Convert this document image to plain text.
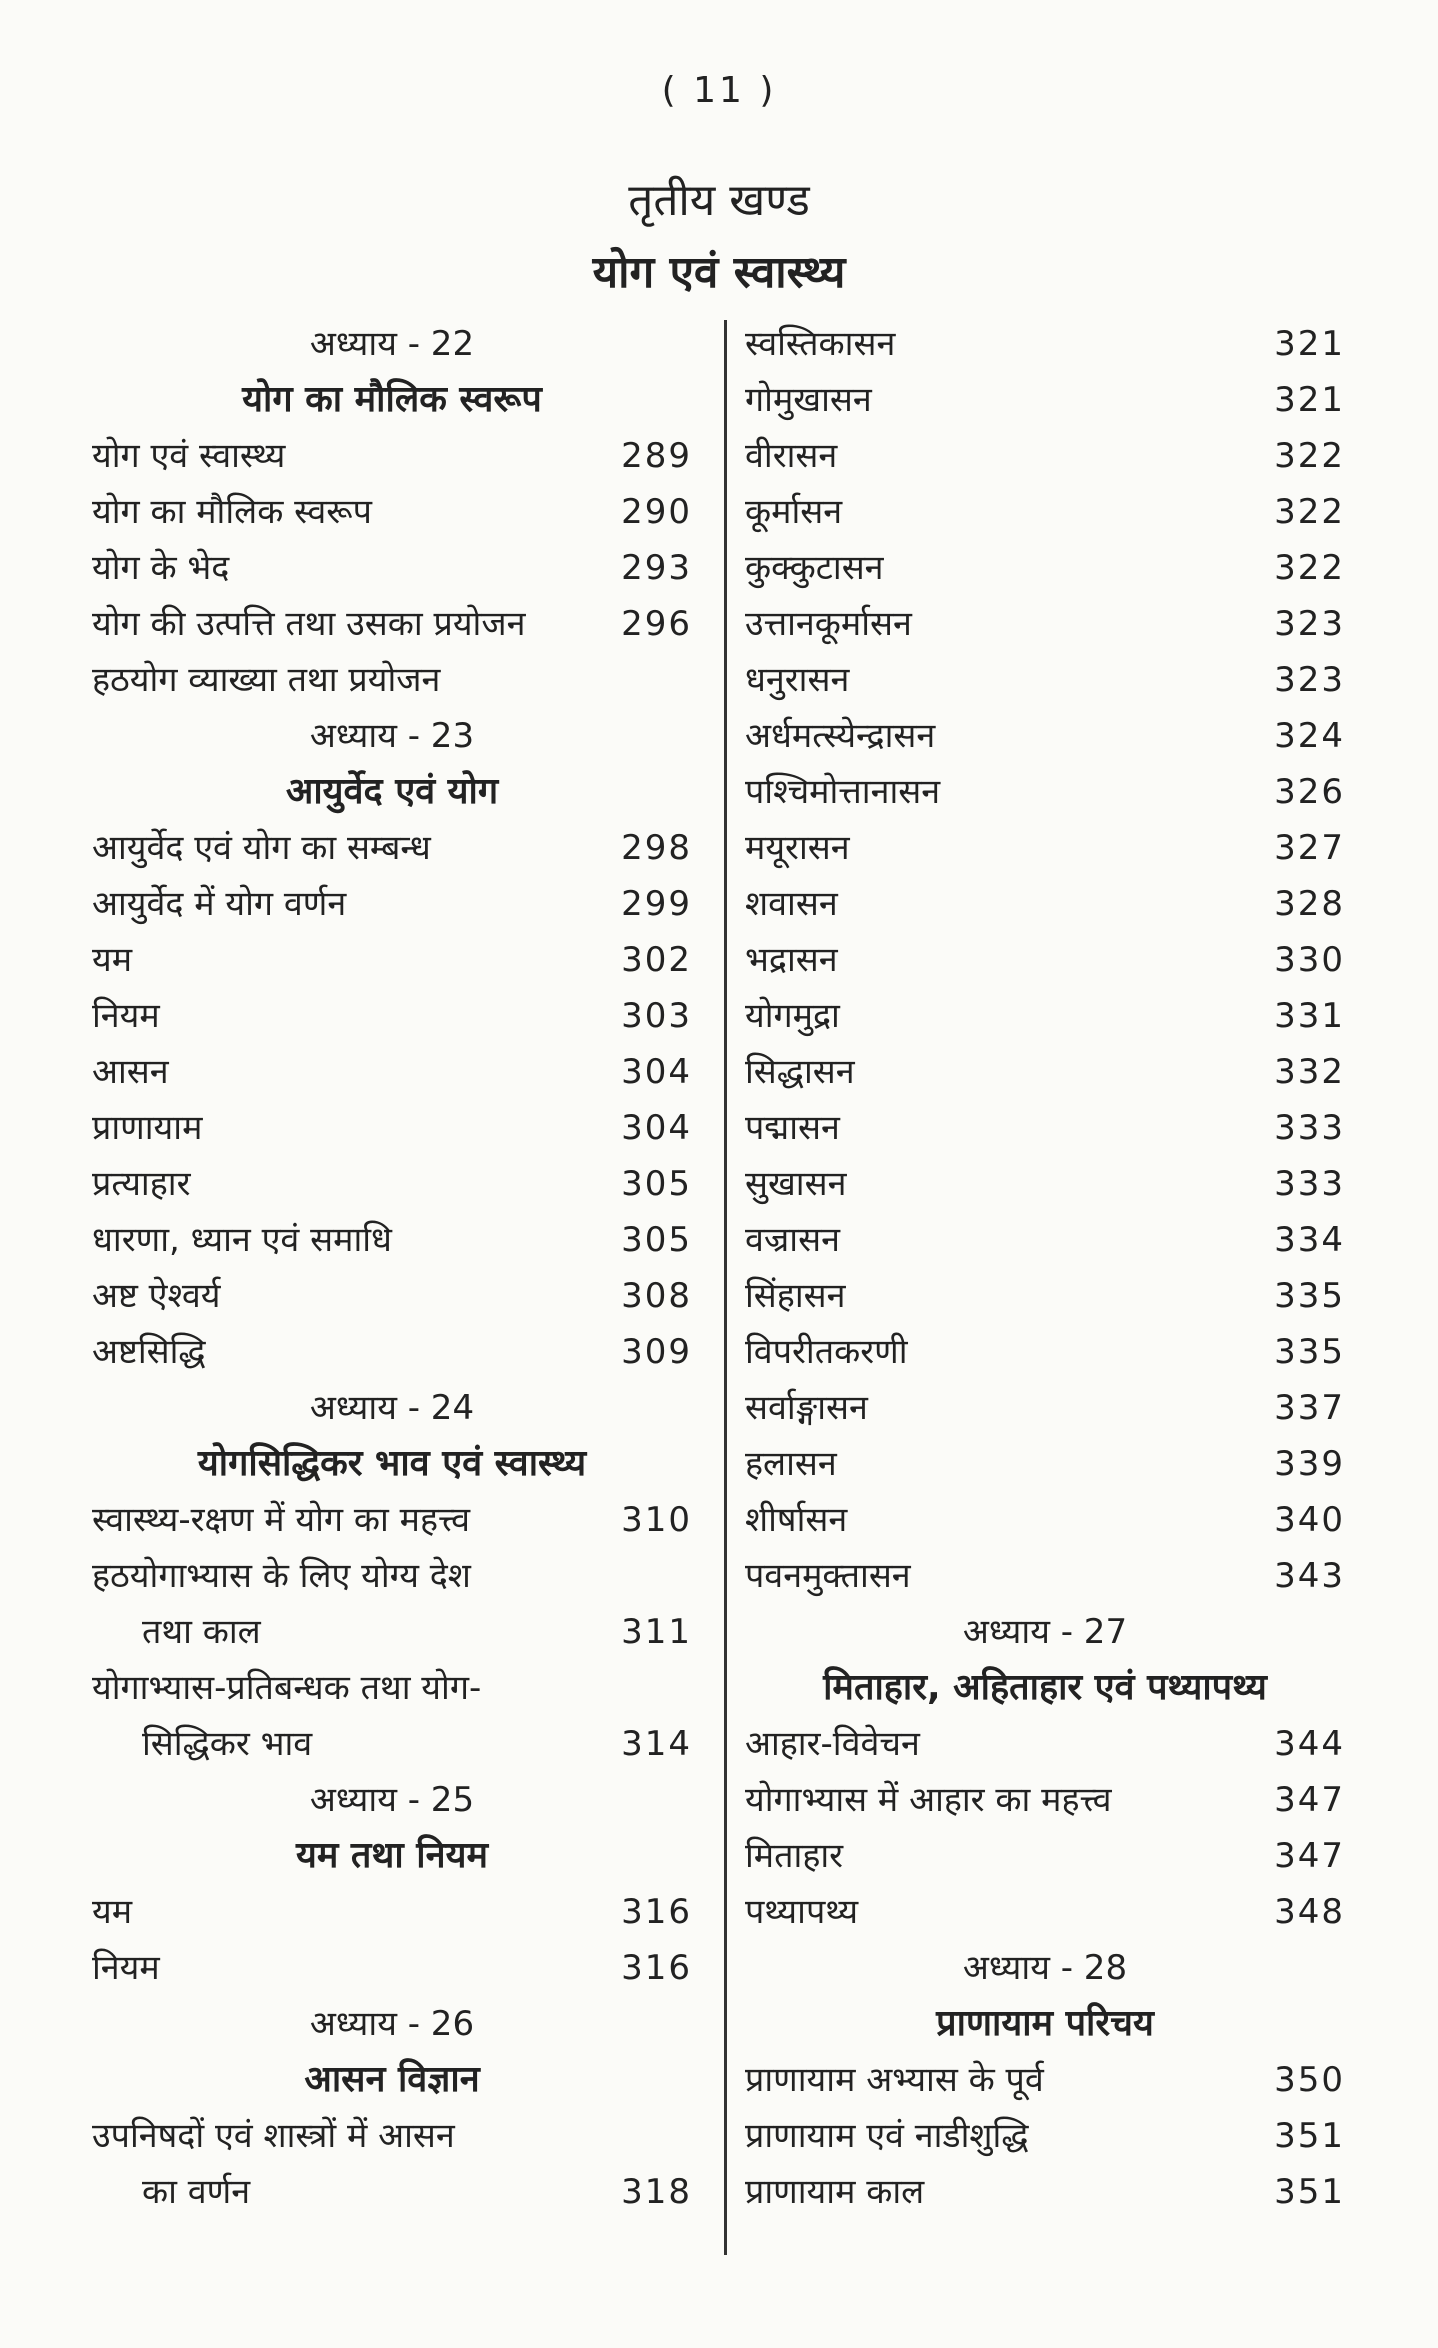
( 11 )
तृतीय खण्ड
योग एवं स्वास्थ्य
अध्याय - 22
योग का मौलिक स्वरूप
योग एवं स्वास्थ्य	289
योग का मौलिक स्वरूप	290
योग के भेद	293
योग की उत्पत्ति तथा उसका प्रयोजन	296
हठयोग व्याख्या तथा प्रयोजन
अध्याय - 23
आयुर्वेद एवं योग
आयुर्वेद एवं योग का सम्बन्ध	298
आयुर्वेद में योग वर्णन	299
यम	302
नियम	303
आसन	304
प्राणायाम	304
प्रत्याहार	305
धारणा, ध्यान एवं समाधि	305
अष्ट ऐश्वर्य	308
अष्टसिद्धि	309
अध्याय - 24
योगसिद्धिकर भाव एवं स्वास्थ्य
स्वास्थ्य-रक्षण में योग का महत्त्व	310
हठयोगाभ्यास के लिए योग्य देश
तथा काल	311
योगाभ्यास-प्रतिबन्धक तथा योग-
सिद्धिकर भाव	314
अध्याय - 25
यम तथा नियम
यम	316
नियम	316
अध्याय - 26
आसन विज्ञान
उपनिषदों एवं शास्त्रों में आसन
का वर्णन	318
स्वस्तिकासन	321
गोमुखासन	321
वीरासन	322
कूर्मासन	322
कुक्कुटासन	322
उत्तानकूर्मासन	323
धनुरासन	323
अर्धमत्स्येन्द्रासन	324
पश्चिमोत्तानासन	326
मयूरासन	327
शवासन	328
भद्रासन	330
योगमुद्रा	331
सिद्धासन	332
पद्मासन	333
सुखासन	333
वज्रासन	334
सिंहासन	335
विपरीतकरणी	335
सर्वाङ्गासन	337
हलासन	339
शीर्षासन	340
पवनमुक्तासन	343
अध्याय - 27
मिताहार, अहिताहार एवं पथ्यापथ्य
आहार-विवेचन	344
योगाभ्यास में आहार का महत्त्व	347
मिताहार	347
पथ्यापथ्य	348
अध्याय - 28
प्राणायाम परिचय
प्राणायाम अभ्यास के पूर्व	350
प्राणायाम एवं नाडीशुद्धि	351
प्राणायाम काल	351
